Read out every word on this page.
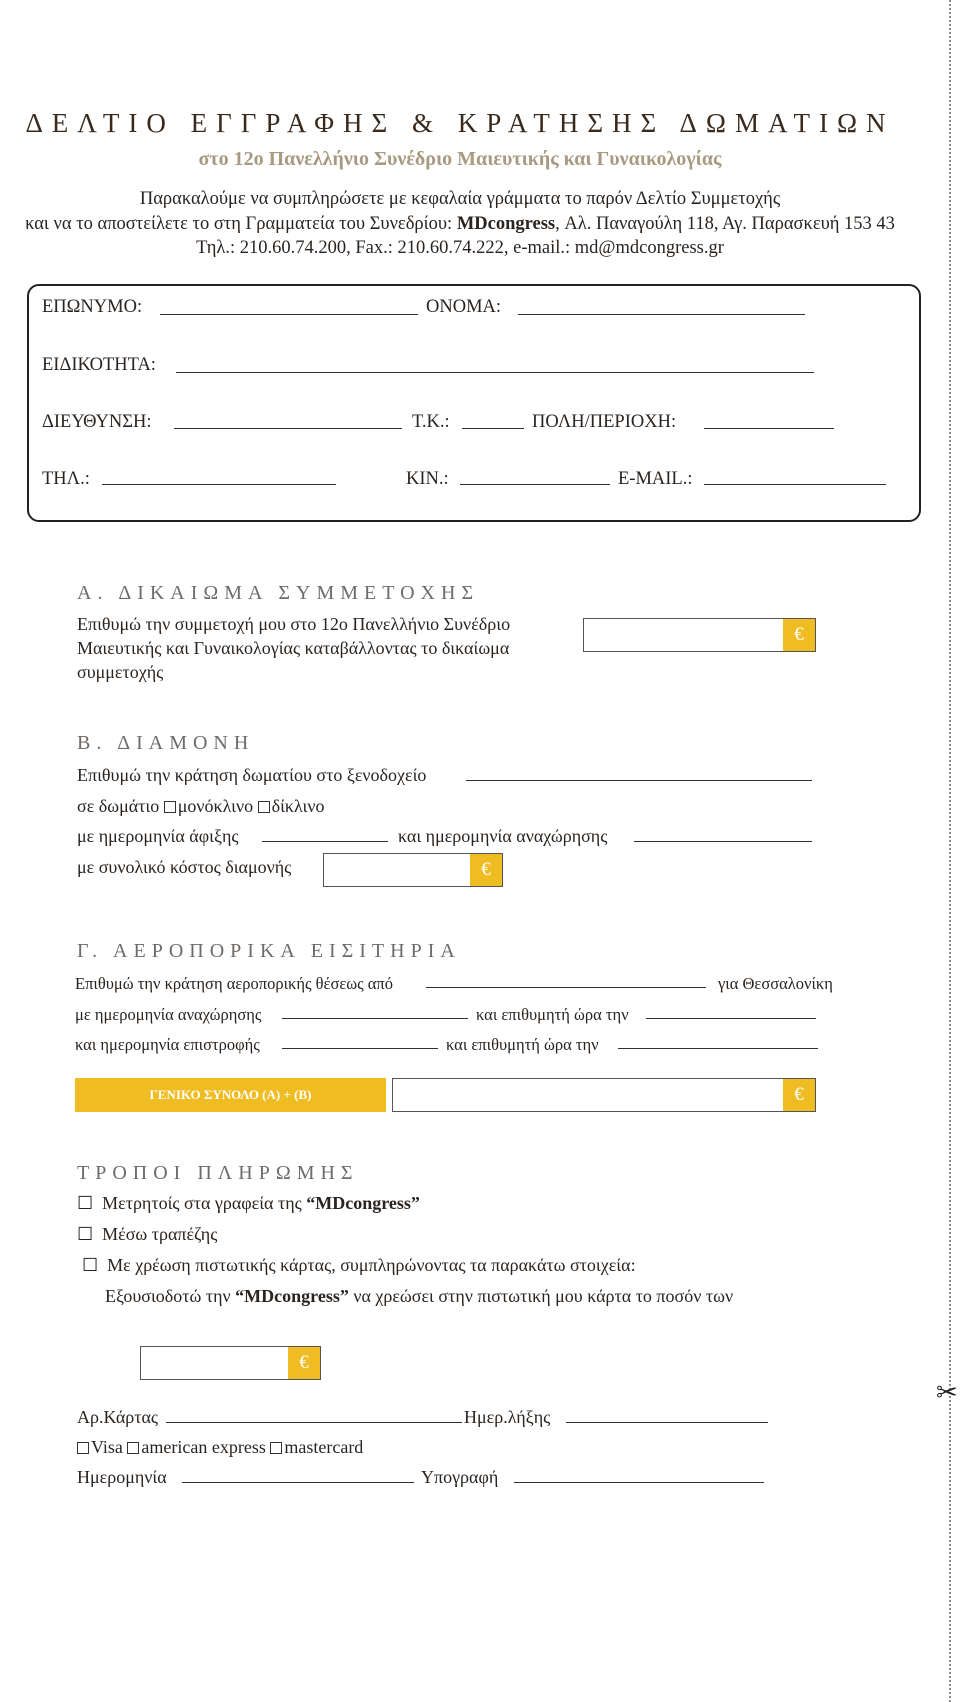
✂
ΔΕΛΤΙΟ ΕΓΓΡΑΦΗΣ & ΚΡΑΤΗΣΗΣ ΔΩΜΑΤΙΩΝ
στο 12ο Πανελλήνιο Συνέδριο Μαιευτικής και Γυναικολογίας
Παρακαλούμε να συμπληρώσετε με κεφαλαία γράμματα το παρόν Δελτίο Συμμετοχής
και να το αποστείλετε το στη Γραμματεία του Συνεδρίου: MDcongress, Αλ. Παναγούλη 118, Αγ. Παρασκευή 153 43
Τηλ.: 210.60.74.200, Fax.: 210.60.74.222, e-mail.: md@mdcongress.gr
ΕΠΩΝΥΜΟ:	ΟΝΟΜΑ:
ΕΙΔΙΚΟΤΗΤΑ:
ΔΙΕΥΘΥΝΣΗ:	Τ.Κ.:	ΠΟΛΗ/ΠΕΡΙΟΧΗ:
ΤΗΛ.:	ΚΙΝ.:	E-MAIL.:
Α. ΔΙΚΑΙΩΜΑ ΣΥΜΜΕΤΟΧΗΣ
Επιθυμώ την συμμετοχή μου στο 12ο Πανελλήνιο Συνέδριο
Μαιευτικής και Γυναικολογίας καταβάλλοντας το δικαίωμα
συμμετοχής
€
Β. ΔΙΑΜΟΝΗ
Επιθυμώ την κράτηση δωματίου στο ξενοδοχείο
σε δωμάτιο μονόκλινο δίκλινο
με ημερομηνία άφιξης	και ημερομηνία αναχώρησης
με συνολικό κόστος διαμονής	€
Γ. ΑΕΡΟΠΟΡΙΚΑ ΕΙΣΙΤΗΡΙΑ
Επιθυμώ την κράτηση αεροπορικής θέσεως από	για Θεσσαλονίκη
με ημερομηνία αναχώρησης	και επιθυμητή ώρα την
και ημερομηνία επιστροφής	και επιθυμητή ώρα την
ΓΕΝΙΚΟ ΣΥΝΟΛΟ (Α) + (Β)	€
ΤΡΟΠΟΙ ΠΛΗΡΩΜΗΣ
☐ Μετρητοίς στα γραφεία της “MDcongress”
☐ Μέσω τραπέζης
☐ Με χρέωση πιστωτικής κάρτας, συμπληρώνοντας τα παρακάτω στοιχεία:
Εξουσιοδοτώ την “MDcongress” να χρεώσει στην πιστωτική μου κάρτα το ποσόν των
€
Αρ.Κάρτας	Ημερ.λήξης
Visa american express mastercard
Ημερομηνία	Υπογραφή
